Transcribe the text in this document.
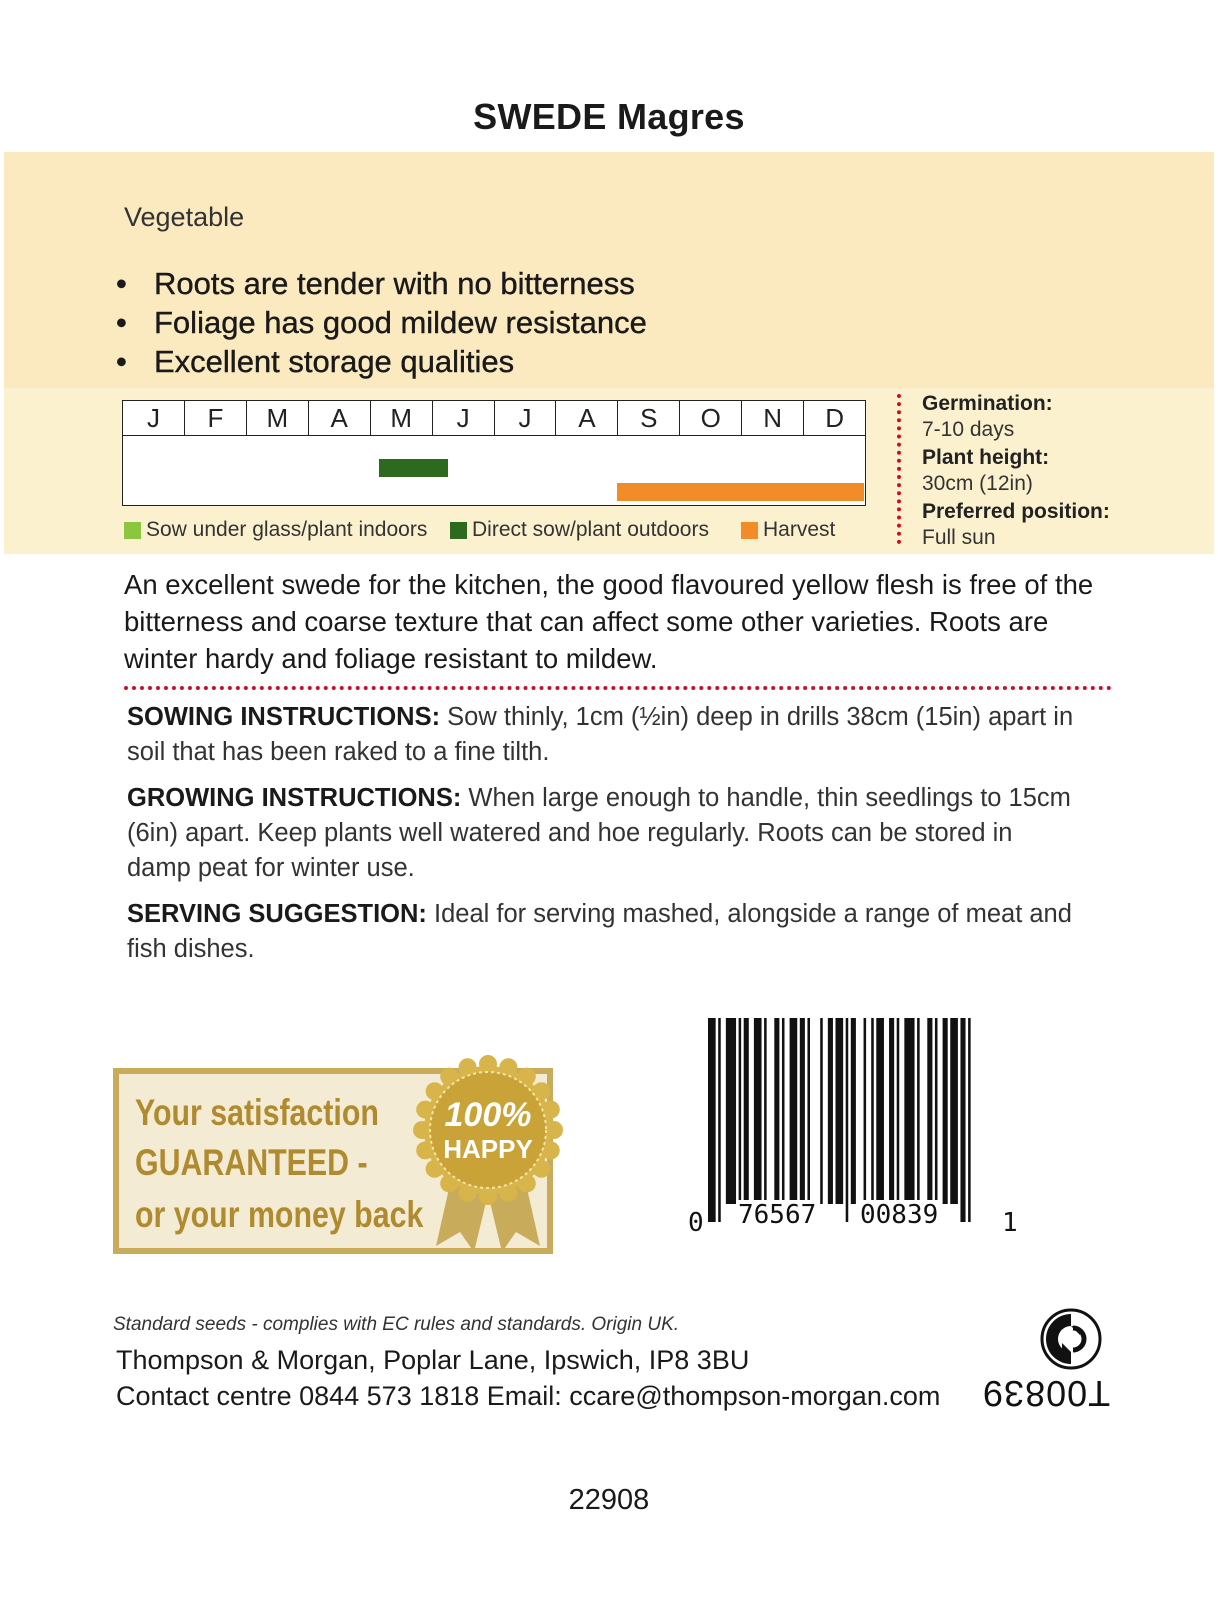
SWEDE Magres
Vegetable
• Roots are tender with no bitterness
• Foliage has good mildew resistance
• Excellent storage qualities
J	F	M	A	M	J	J	A	S	O	N	D
Sow under glass/plant indoors Direct sow/plant outdoors	Harvest
Germination:
7-10 days
Plant height:
30cm (12in)
Preferred position:
Full sun
An excellent swede for the kitchen, the good flavoured yellow flesh is free of the bitterness and coarse texture that can affect some other varieties. Roots are winter hardy and foliage resistant to mildew.
SOWING INSTRUCTIONS: Sow thinly, 1cm (½in) deep in drills 38cm (15in) apart in soil that has been raked to a fine tilth.
GROWING INSTRUCTIONS: When large enough to handle, thin seedlings to 15cm (6in) apart. Keep plants well watered and hoe regularly. Roots can be stored in damp peat for winter use.
SERVING SUGGESTION: Ideal for serving mashed, alongside a range of meat and fish dishes.
Your satisfaction
GUARANTEED -
or your money back
100%
HAPPY
0 76567 00839 1
Standard seeds - complies with EC rules and standards. Origin UK.
Thompson & Morgan, Poplar Lane, Ipswich, IP8 3BU
Contact centre 0844 573 1818 Email: ccare@thompson-morgan.com T00839
22908
